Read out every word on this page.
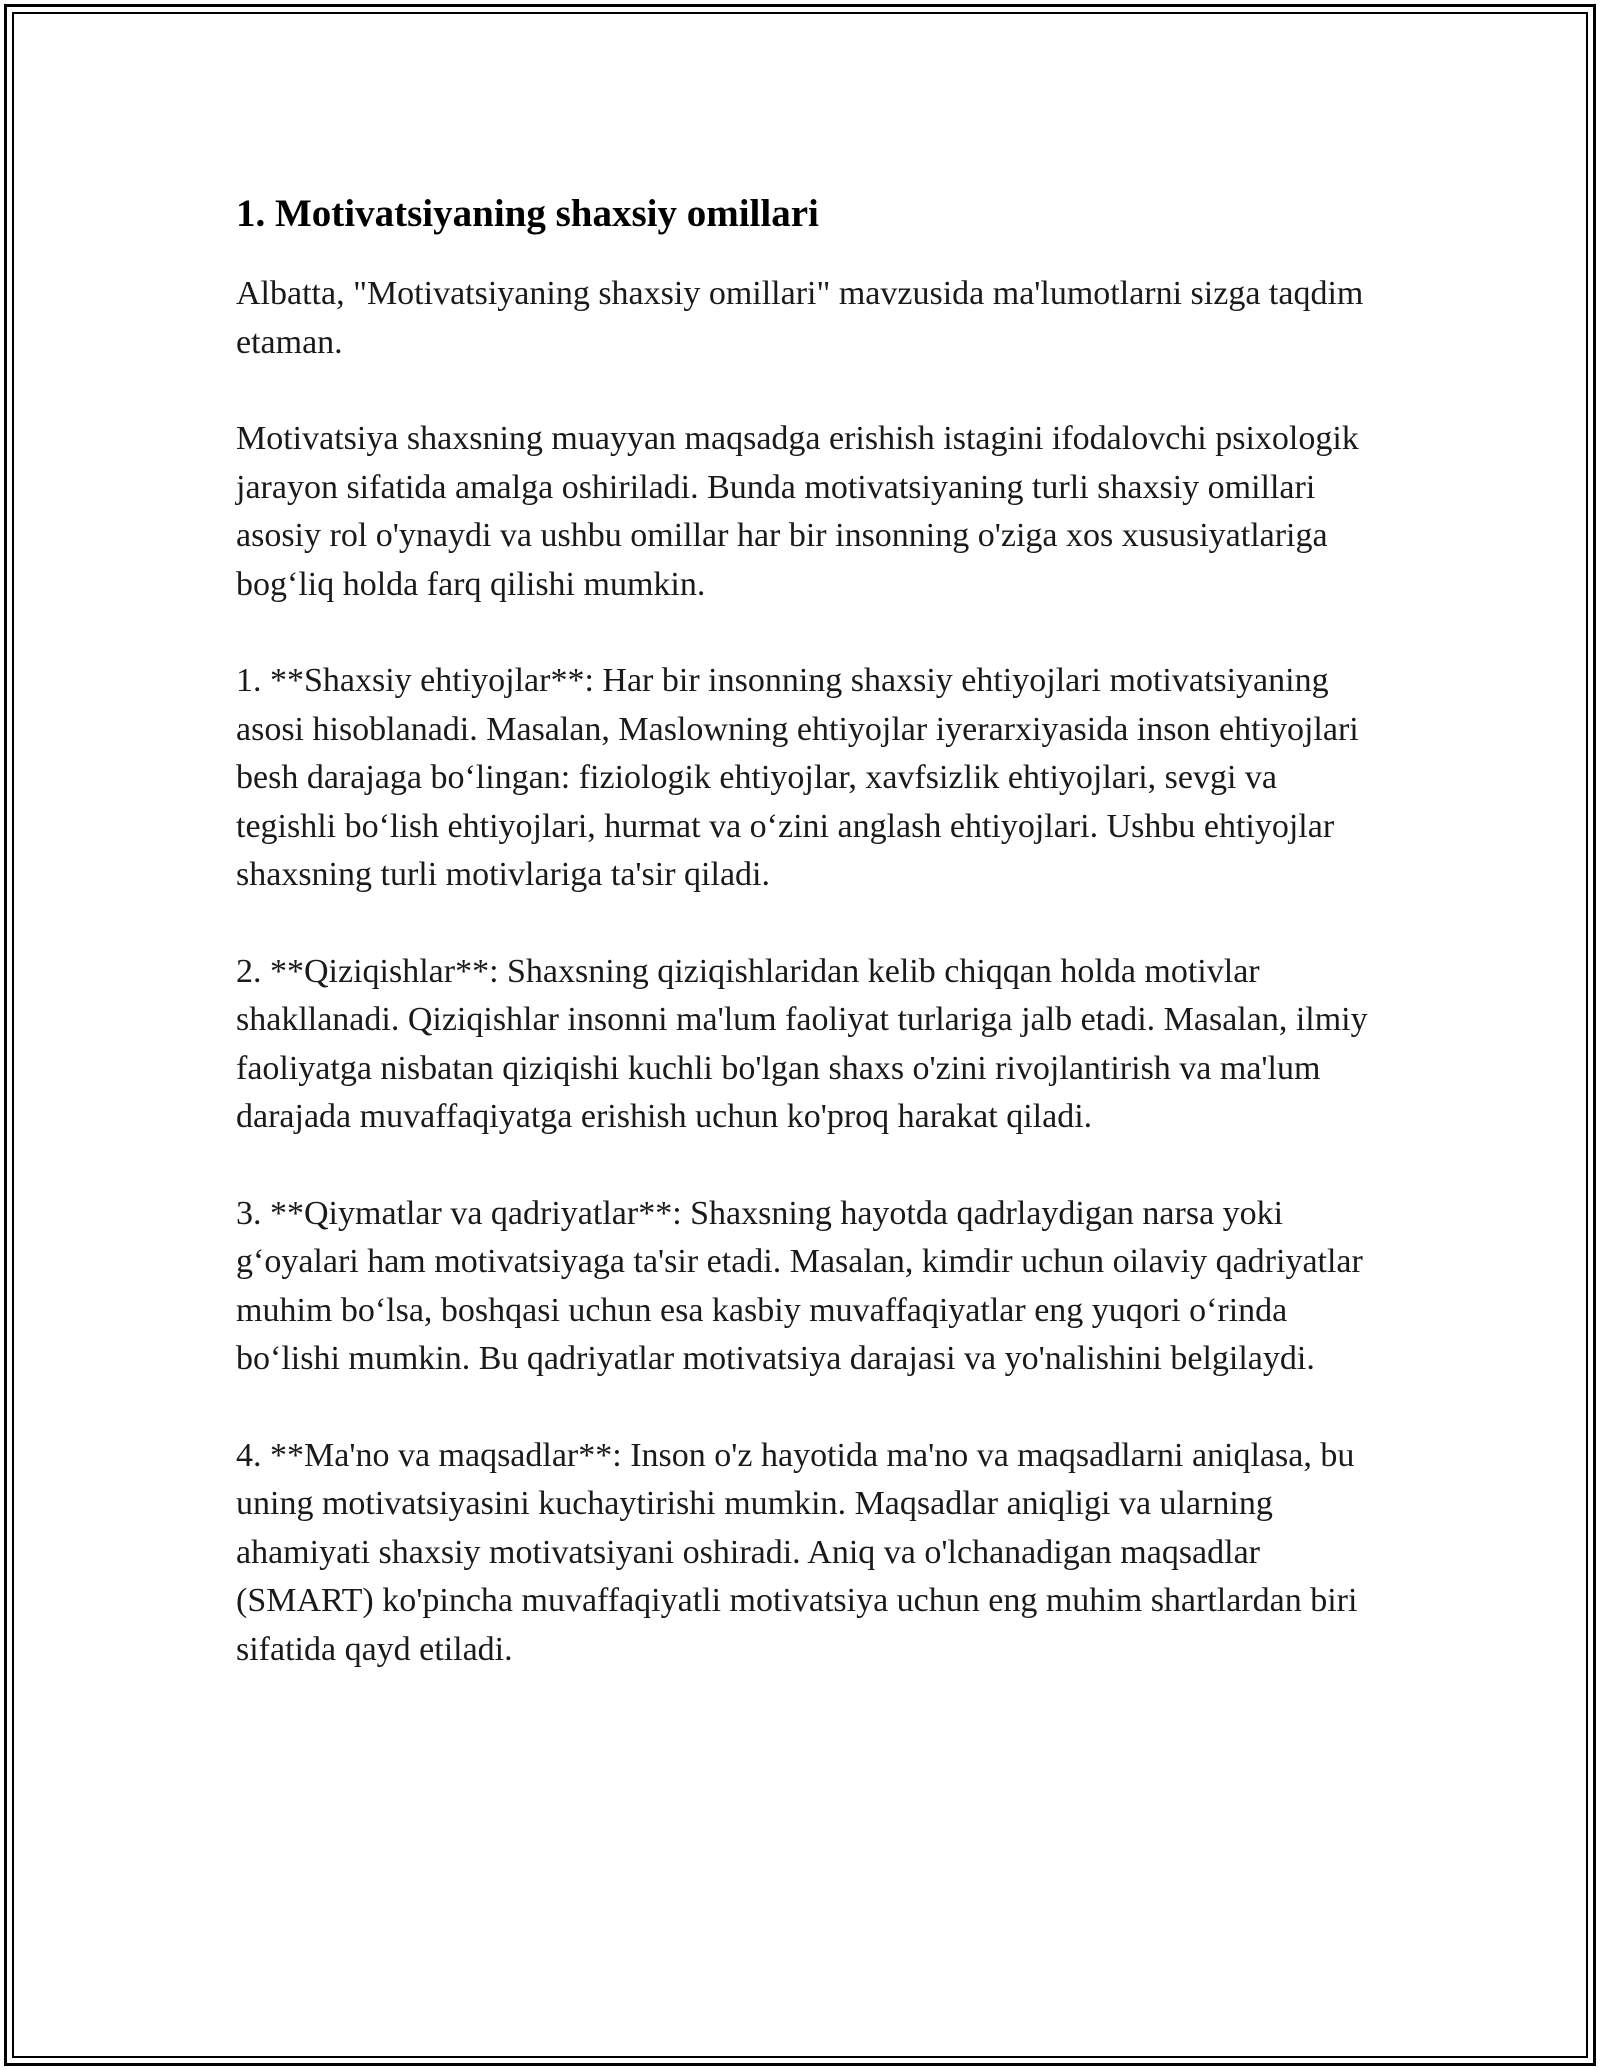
1. Motivatsiyaning shaxsiy omillari

Albatta, "Motivatsiyaning shaxsiy omillari" mavzusida ma'lumotlarni sizga taqdim etaman.

Motivatsiya shaxsning muayyan maqsadga erishish istagini ifodalovchi psixologik jarayon sifatida amalga oshiriladi. Bunda motivatsiyaning turli shaxsiy omillari asosiy rol o'ynaydi va ushbu omillar har bir insonning o'ziga xos xususiyatlariga bog‘liq holda farq qilishi mumkin.

1. **Shaxsiy ehtiyojlar**: Har bir insonning shaxsiy ehtiyojlari motivatsiyaning asosi hisoblanadi. Masalan, Maslowning ehtiyojlar iyerarxiyasida inson ehtiyojlari besh darajaga bo‘lingan: fiziologik ehtiyojlar, xavfsizlik ehtiyojlari, sevgi va tegishli bo‘lish ehtiyojlari, hurmat va o‘zini anglash ehtiyojlari. Ushbu ehtiyojlar shaxsning turli motivlariga ta'sir qiladi.

2. **Qiziqishlar**: Shaxsning qiziqishlaridan kelib chiqqan holda motivlar shakllanadi. Qiziqishlar insonni ma'lum faoliyat turlariga jalb etadi. Masalan, ilmiy faoliyatga nisbatan qiziqishi kuchli bo'lgan shaxs o'zini rivojlantirish va ma'lum darajada muvaffaqiyatga erishish uchun ko'proq harakat qiladi.

3. **Qiymatlar va qadriyatlar**: Shaxsning hayotda qadrlaydigan narsa yoki g‘oyalari ham motivatsiyaga ta'sir etadi. Masalan, kimdir uchun oilaviy qadriyatlar muhim bo‘lsa, boshqasi uchun esa kasbiy muvaffaqiyatlar eng yuqori o‘rinda bo‘lishi mumkin. Bu qadriyatlar motivatsiya darajasi va yo'nalishini belgilaydi.

4. **Ma'no va maqsadlar**: Inson o'z hayotida ma'no va maqsadlarni aniqlasa, bu uning motivatsiyasini kuchaytirishi mumkin. Maqsadlar aniqligi va ularning ahamiyati shaxsiy motivatsiyani oshiradi. Aniq va o'lchanadigan maqsadlar (SMART) ko'pincha muvaffaqiyatli motivatsiya uchun eng muhim shartlardan biri sifatida qayd etiladi.
